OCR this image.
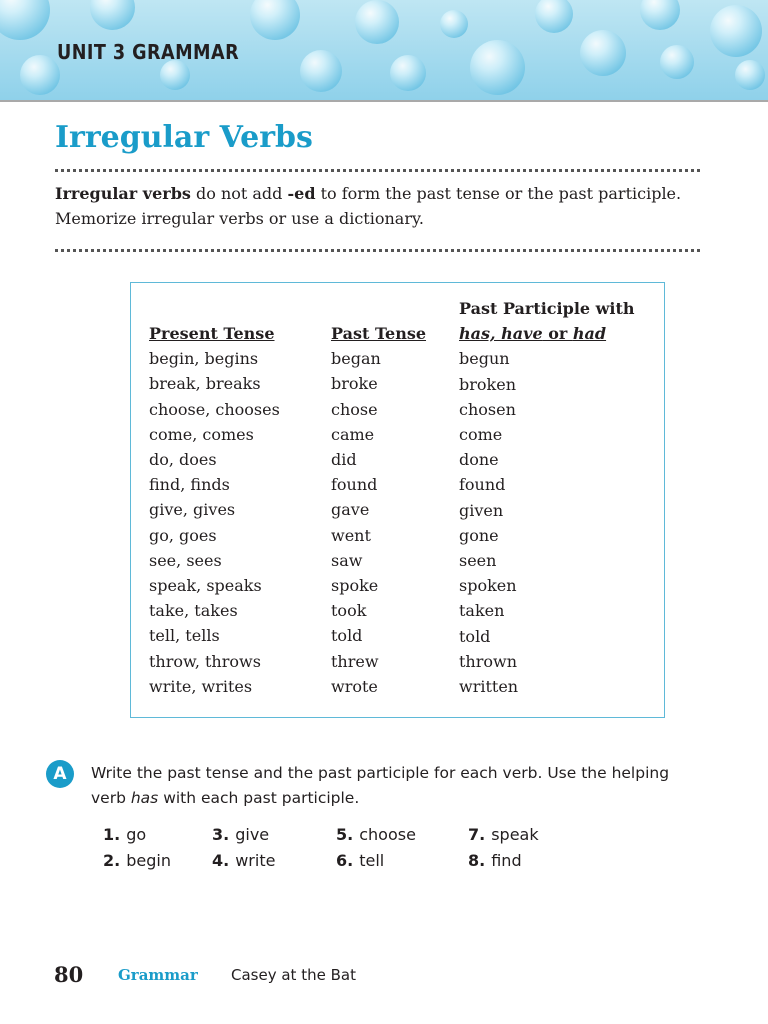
UNIT 3 GRAMMAR
Irregular Verbs
Irregular verbs do not add -ed to form the past tense or the past participle.
Memorize irregular verbs or use a dictionary.
Present Tense
begin, begins
break, breaks
choose, chooses
come, comes
do, does
find, finds
give, gives
go, goes
see, sees
speak, speaks
take, takes
tell, tells
throw, throws
write, writes
Past Tense
began
broke
chose
came
did
found
gave
went
saw
spoke
took
told
threw
wrote
Past Participle with
has, have or had
begun
broken
chosen
come
done
found
given
gone
seen
spoken
taken
told
thrown
written
A	Write the past tense and the past participle for each verb. Use the helping verb has with each past participle.
1. go
2. begin
3. give
4. write
5. choose
6. tell
7. speak
8. find
80 Grammar Casey at the Bat
